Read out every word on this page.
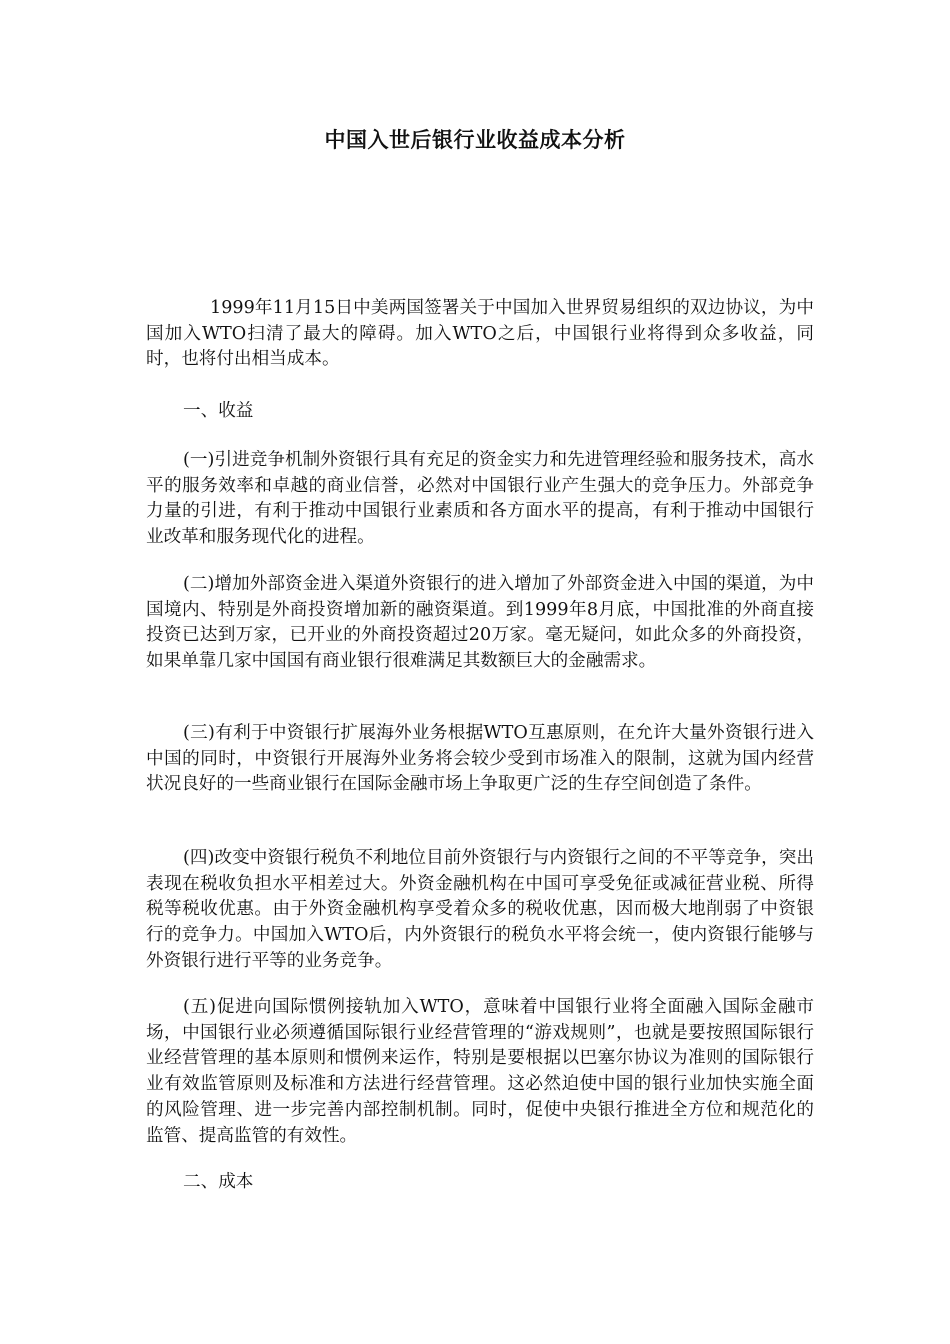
中国入世后银行业收益成本分析

1999年11月15日中美两国签署关于中国加入世界贸易组织的双边协议，为中国加入WTO扫清了最大的障碍。加入WTO之后，中国银行业将得到众多收益，同时，也将付出相当成本。

一、收益

(一)引进竞争机制外资银行具有充足的资金实力和先进管理经验和服务技术，高水平的服务效率和卓越的商业信誉，必然对中国银行业产生强大的竞争压力。外部竞争力量的引进，有利于推动中国银行业素质和各方面水平的提高，有利于推动中国银行业改革和服务现代化的进程。

(二)增加外部资金进入渠道外资银行的进入增加了外部资金进入中国的渠道，为中国境内、特别是外商投资增加新的融资渠道。到1999年8月底，中国批准的外商直接投资已达到万家，已开业的外商投资超过20万家。毫无疑问，如此众多的外商投资，如果单靠几家中国国有商业银行很难满足其数额巨大的金融需求。

(三)有利于中资银行扩展海外业务根据WTO互惠原则，在允许大量外资银行进入中国的同时，中资银行开展海外业务将会较少受到市场准入的限制，这就为国内经营状况良好的一些商业银行在国际金融市场上争取更广泛的生存空间创造了条件。

(四)改变中资银行税负不利地位目前外资银行与内资银行之间的不平等竞争，突出表现在税收负担水平相差过大。外资金融机构在中国可享受免征或减征营业税、所得税等税收优惠。由于外资金融机构享受着众多的税收优惠，因而极大地削弱了中资银行的竞争力。中国加入WTO后，内外资银行的税负水平将会统一，使内资银行能够与外资银行进行平等的业务竞争。

(五)促进向国际惯例接轨加入WTO，意味着中国银行业将全面融入国际金融市场，中国银行业必须遵循国际银行业经营管理的“游戏规则”，也就是要按照国际银行业经营管理的基本原则和惯例来运作，特别是要根据以巴塞尔协议为准则的国际银行业有效监管原则及标准和方法进行经营管理。这必然迫使中国的银行业加快实施全面的风险管理、进一步完善内部控制机制。同时，促使中央银行推进全方位和规范化的监管、提高监管的有效性。

二、成本
